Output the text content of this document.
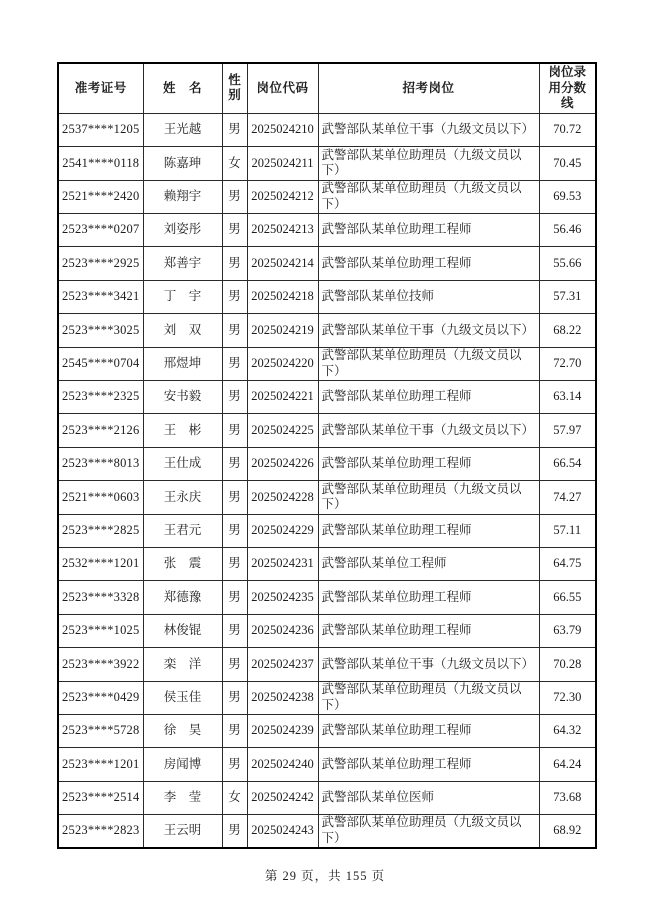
准考证号	姓　名	性别	岗位代码	招考岗位	岗位录用分数线
2537****1205	王光越	男	2025024210	武警部队某单位干事（九级文员以下）	70.72
2541****0118	陈嘉珅	女	2025024211	武警部队某单位助理员（九级文员以下）	70.45
2521****2420	赖翔宇	男	2025024212	武警部队某单位助理员（九级文员以下）	69.53
2523****0207	刘姿彤	男	2025024213	武警部队某单位助理工程师	56.46
2523****2925	郑善宇	男	2025024214	武警部队某单位助理工程师	55.66
2523****3421	丁　宇	男	2025024218	武警部队某单位技师	57.31
2523****3025	刘　双	男	2025024219	武警部队某单位干事（九级文员以下）	68.22
2545****0704	邢煜坤	男	2025024220	武警部队某单位助理员（九级文员以下）	72.70
2523****2325	安书毅	男	2025024221	武警部队某单位助理工程师	63.14
2523****2126	王　彬	男	2025024225	武警部队某单位干事（九级文员以下）	57.97
2523****8013	王仕成	男	2025024226	武警部队某单位助理工程师	66.54
2521****0603	王永庆	男	2025024228	武警部队某单位助理员（九级文员以下）	74.27
2523****2825	王君元	男	2025024229	武警部队某单位助理工程师	57.11
2532****1201	张　震	男	2025024231	武警部队某单位工程师	64.75
2523****3328	郑德豫	男	2025024235	武警部队某单位助理工程师	66.55
2523****1025	林俊锟	男	2025024236	武警部队某单位助理工程师	63.79
2523****3922	栾　洋	男	2025024237	武警部队某单位干事（九级文员以下）	70.28
2523****0429	侯玉佳	男	2025024238	武警部队某单位助理员（九级文员以下）	72.30
2523****5728	徐　昊	男	2025024239	武警部队某单位助理工程师	64.32
2523****1201	房闻博	男	2025024240	武警部队某单位助理工程师	64.24
2523****2514	李　莹	女	2025024242	武警部队某单位医师	73.68
2523****2823	王云明	男	2025024243	武警部队某单位助理员（九级文员以下）	68.92
第 29 页，共 155 页
